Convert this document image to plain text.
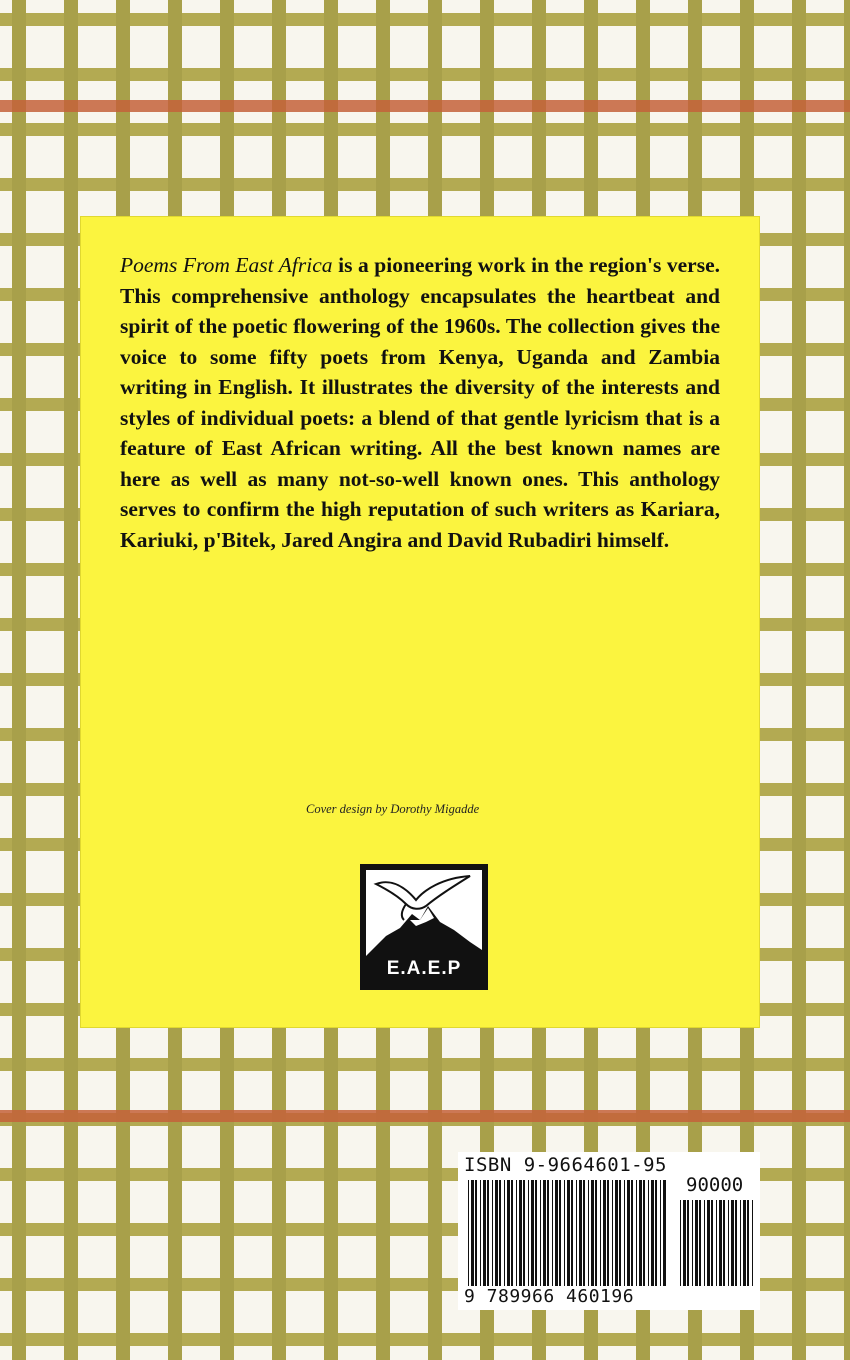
Poems From East Africa is a pioneering work in the region's verse. This comprehensive anthology encapsulates the heartbeat and spirit of the poetic flowering of the 1960s. The collection gives the voice to some fifty poets from Kenya, Uganda and Zambia writing in English. It illustrates the diversity of the interests and styles of individual poets: a blend of that gentle lyricism that is a feature of East African writing. All the best known names are here as well as many not-so-well known ones. This anthology serves to confirm the high reputation of such writers as Kariara, Kariuki, p'Bitek, Jared Angira and David Rubadiri himself.

Cover design by Dorothy Migadde
E.A.E.P
ISBN 9-9664601-95
90000
9 789966 460196
